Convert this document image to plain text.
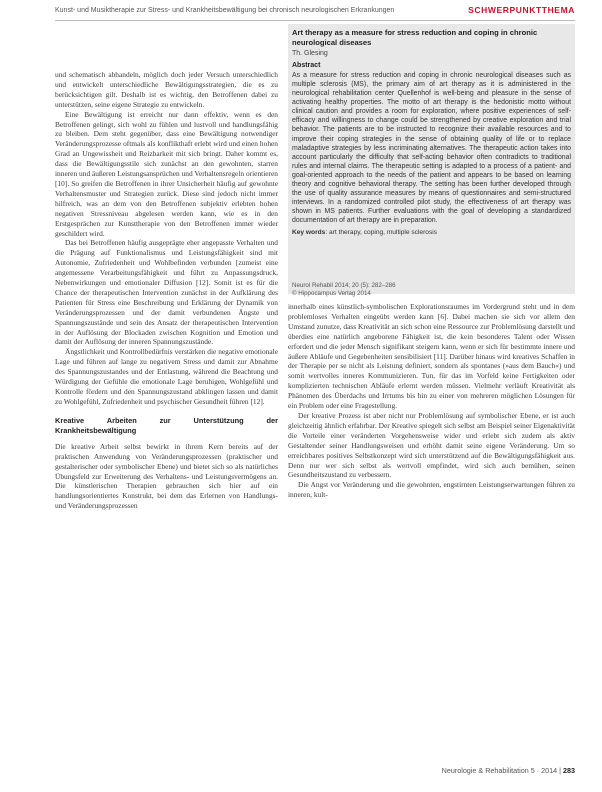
Kunst- und Musiktherapie zur Stress- und Krankheitsbewältigung bei chronisch neurologischen Erkrankungen	SCHWERPUNKTTHEMA

und schematisch abhandeln, möglich doch jeder Versuch unterschiedlich und entwickelt unterschiedliche Bewältigungsstrategien, die es zu berücksichtigen gilt. Deshalb ist es wichtig, den Betroffenen dabei zu unterstützen, seine eigene Strategie zu entwickeln.

Eine Bewältigung ist erreicht nur dann effektiv, wenn es den Betroffenen gelingt, sich wohl zu fühlen und lustvoll und handlungsfähig zu bleiben. Dem steht gegenüber, dass eine Bewältigung notwendiger Veränderungsprozesse oftmals als konflikthaft erlebt wird und einen hohen Grad an Ungewissheit und Reizbarkeit mit sich bringt. Daher kommt es, dass die Bewältigungsstile sich zunächst an den gewohnten, starren inneren und äußeren Leistungsansprüchen und Verhaltensregeln orientieren [10]. So greifen die Betroffenen in ihrer Unsicherheit häufig auf gewohnte Verhaltensmuster und Strategien zurück. Diese sind jedoch nicht immer hilfreich, was an dem von den Betroffenen subjektiv erlebten hohen negativen Stressniveau abgelesen werden kann, wie es in den Erstgesprächen zur Kunsttherapie von den Betroffenen immer wieder geschildert wird.

Das bei Betroffenen häufig ausgeprägte eher angepasste Verhalten und die Prägung auf Funktionalismus und Leistungsfähigkeit sind mit Autonomie, Zufriedenheit und Wohlbefinden verbunden [zumeist eine angemessene Verarbeitungsfähigkeit und führt zu Anpassungsdruck, Nebenwirkungen und emotionaler Diffusion [12]. Somit ist es für die Chance der therapeutischen Intervention zunächst in der Aufklärung des Patienten für Stress eine Beschreibung und Erklärung der Dynamik von Veränderungsprozessen und der damit verbundenen Ängste und Spannungszustände und sein des Ansatz der therapeutischen Intervention in der Auflösung der Blockaden zwischen Kognition und Emotion und damit der Auflösung der inneren Spannungszustände.

Ängstlichkeit und Kontrollbedürfnis verstärken die negative emotionale Lage und führen auf lange zu negativem Stress und damit zur Abnahme des Spannungszustandes und der Entlastung, während die Beachtung und Würdigung der Gefühle die emotionale Lage beruhigen, Wohlgefühl und Kontrolle fördern und den Spannungszustand abklingen lassen und damit zu Wohlgefühl, Zufriedenheit und psychischer Gesundheit führen [12].

Kreative Arbeiten zur Unterstützung der Krankheitsbewältigung

Die kreative Arbeit selbst bewirkt in ihrem Kern bereits auf der praktischen Anwendung von Veränderungsprozessen (praktischer und gestalterischer oder symbolischer Ebene) und bietet sich so als natürliches Übungsfeld zur Erweiterung des Verhaltens- und Leistungsvermögens an. Die künstlerischen Therapien gebrauchen sich hier auf ein handlungsorientiertes Konstrukt, bei dem das Erlernen von Handlungs- und Veränderungsprozessen

Art therapy as a measure for stress reduction and coping in chronic neurological diseases
Th. Glesing
Abstract
As a measure for stress reduction and coping in chronic neurological diseases such as multiple sclerosis (MS), the primary aim of art therapy as it is administered in the neurological rehabilitation center Quellenhof is well-being and pleasure in the sense of activating healthy properties. The motto of art therapy is the hedonistic motto without clinical caution and provides a room for exploration, where positive experiences of self-efficacy and willingness to change could be strengthened by creative exploration and trial behavior. The patients are to be instructed to recognize their available resources and to improve their coping strategies in the sense of obtaining quality of life or to replace maladaptive strategies by less incriminating alternatives. The therapeutic action takes into account particularly the difficulty that self-acting behavior often contradicts to traditional rules and internal claims. The therapeutic setting is adapted to a process of a patient- and goal-oriented approach to the needs of the patient and appears to be based on learning theory and cognitive behavioral therapy. The setting has been further developed through the use of quality assurance measures by means of questionnaires and semi-structured interviews. In a randomized controlled pilot study, the effectiveness of art therapy was shown in MS patients. Further evaluations with the goal of developing a standardized documentation of art therapy are in preparation.
Key words: art therapy, coping, multiple sclerosis
Neurol Rehabil 2014; 20 (5): 282–286
© Hippocampus Verlag 2014

innerhalb eines künstlich-symbolischen Explorationsraumes im Vordergrund steht und in dem problemloses Verhalten eingeübt werden kann [6]. Dabei machen sie sich vor allem den Umstand zunutze, dass Kreativität an sich schon eine Ressource zur Problemlösung darstellt und überdies eine natürlich angeborene Fähigkeit ist, die kein besonderes Talent oder Wissen erfordert und die jeder Mensch signifikant steigern kann, wenn er sich für bestimmte innere und äußere Abläufe und Gegebenheiten sensibilisiert [11]. Darüber hinaus wird kreatives Schaffen in der Therapie per se nicht als Leistung definiert, sondern als spontanes (»aus dem Bauch«) und somit wertvolles inneres Kommunizieren. Tun, für das im Vorfeld keine Fertigkeiten oder komplizierten technischen Abläufe erlernt werden müssen. Vielmehr verläuft Kreativität als Phänomen des Überdachs und Irrtums bis hin zu einer von mehreren möglichen Lösungen für ein Problem oder eine Fragestellung.

Der kreative Prozess ist aber nicht nur Problemlösung auf symbolischer Ebene, er ist auch gleichzeitig ähnlich erfahrbar. Der Kreative spiegelt sich selbst am Beispiel seiner Eigenaktivität die Vorteile einer veränderten Vorgehensweise wider und erlebt sich zudem als aktiv Gestaltender seiner Handlungsweisen und erhöht damit seine eigene Veränderung. Um so erreichbares positives Selbstkonzept wird sich unterstützend auf die Bewältigungsfähigkeit aus. Denn nur wer sich selbst als wertvoll empfindet, wird sich auch bemühen, seinen Gesundheitszustand zu verbessern.

Die Angst vor Veränderung und die gewohnten, engstirnten Leistungserwartungen führen zu inneren, kult-

Neurologie & Rehabilitation 5 · 2014 | 283
